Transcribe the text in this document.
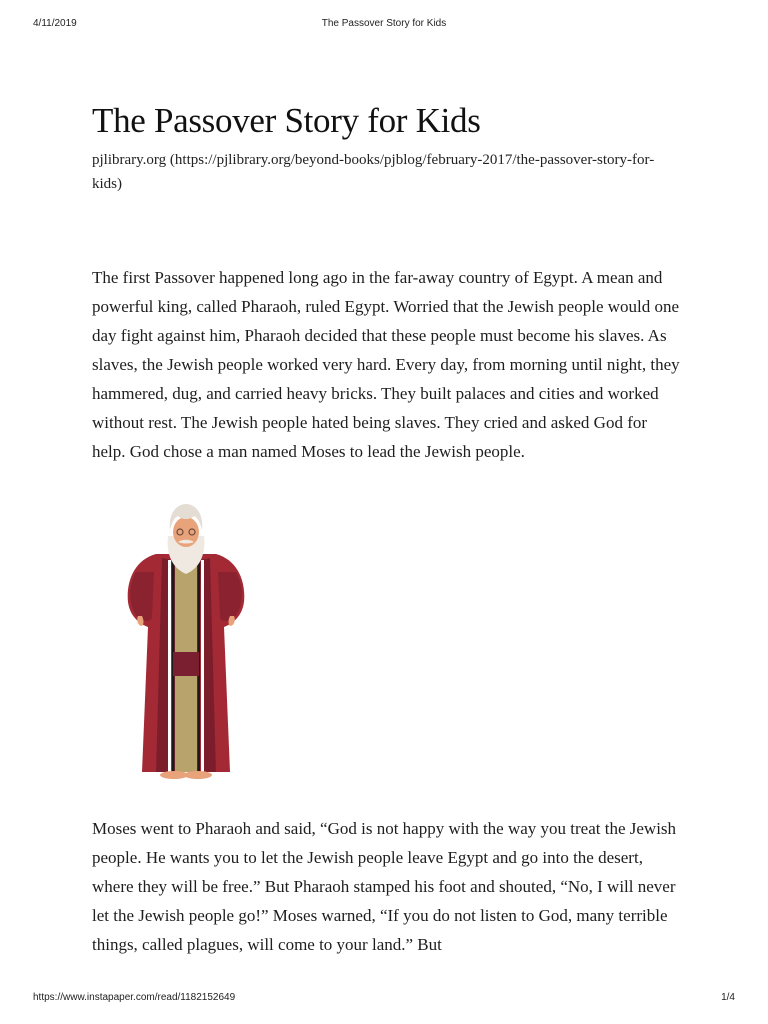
4/11/2019	The Passover Story for Kids
The Passover Story for Kids
pjlibrary.org (https://pjlibrary.org/beyond-books/pjblog/february-2017/the-passover-story-for-kids)

The first Passover happened long ago in the far-away country of Egypt. A mean and powerful king, called Pharaoh, ruled Egypt. Worried that the Jewish people would one day fight against him, Pharaoh decided that these people must become his slaves. As slaves, the Jewish people worked very hard. Every day, from morning until night, they hammered, dug, and carried heavy bricks. They built palaces and cities and worked without rest. The Jewish people hated being slaves. They cried and asked God for help. God chose a man named Moses to lead the Jewish people.

Moses went to Pharaoh and said, “God is not happy with the way you treat the Jewish people. He wants you to let the Jewish people leave Egypt and go into the desert, where they will be free.” But Pharaoh stamped his foot and shouted, “No, I will never let the Jewish people go!” Moses warned, “If you do not listen to God, many terrible things, called plagues, will come to your land.” But

https://www.instapaper.com/read/1182152649	1/4
